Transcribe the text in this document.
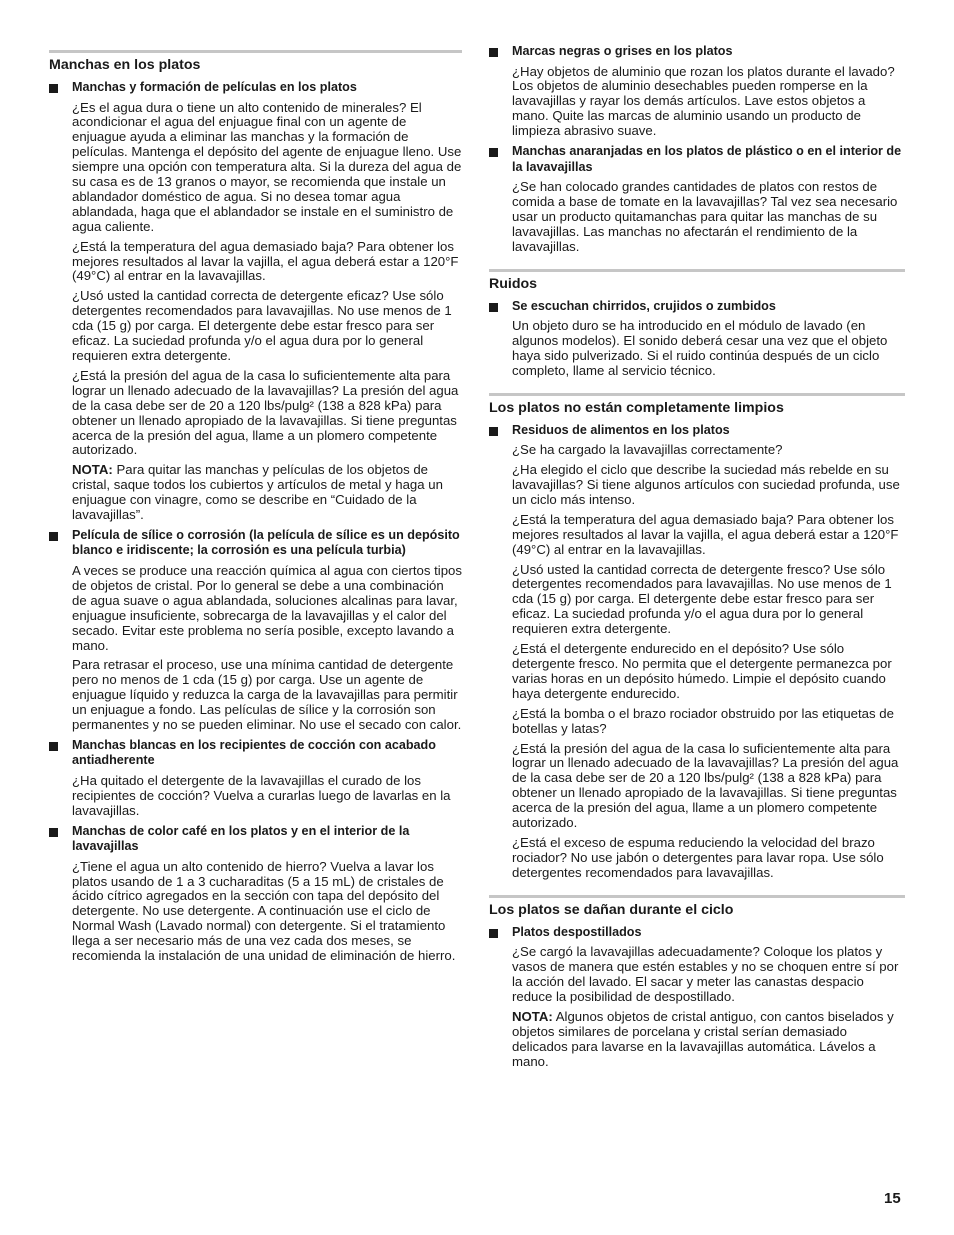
Manchas en los platos
Manchas y formación de películas en los platos
¿Es el agua dura o tiene un alto contenido de minerales? El acondicionar el agua del enjuague final con un agente de enjuague ayuda a eliminar las manchas y la formación de películas. Mantenga el depósito del agente de enjuague lleno. Use siempre una opción con temperatura alta. Si la dureza del agua de su casa es de 13 granos o mayor, se recomienda que instale un ablandador doméstico de agua. Si no desea tomar agua ablandada, haga que el ablandador se instale en el suministro de agua caliente.
¿Está la temperatura del agua demasiado baja? Para obtener los mejores resultados al lavar la vajilla, el agua deberá estar a 120°F (49°C) al entrar en la lavavajillas.
¿Usó usted la cantidad correcta de detergente eficaz? Use sólo detergentes recomendados para lavavajillas. No use menos de 1 cda (15 g) por carga. El detergente debe estar fresco para ser eficaz. La suciedad profunda y/o el agua dura por lo general requieren extra detergente.
¿Está la presión del agua de la casa lo suficientemente alta para lograr un llenado adecuado de la lavavajillas? La presión del agua de la casa debe ser de 20 a 120 lbs/pulg² (138 a 828 kPa) para obtener un llenado apropiado de la lavavajillas. Si tiene preguntas acerca de la presión del agua, llame a un plomero competente autorizado.
NOTA: Para quitar las manchas y películas de los objetos de cristal, saque todos los cubiertos y artículos de metal y haga un enjuague con vinagre, como se describe en “Cuidado de la lavavajillas”.
Película de sílice o corrosión (la película de sílice es un depósito blanco e iridiscente; la corrosión es una película turbia)
A veces se produce una reacción química al agua con ciertos tipos de objetos de cristal. Por lo general se debe a una combinación de agua suave o agua ablandada, soluciones alcalinas para lavar, enjuague insuficiente, sobrecarga de la lavavajillas y el calor del secado. Evitar este problema no sería posible, excepto lavando a mano.
Para retrasar el proceso, use una mínima cantidad de detergente pero no menos de 1 cda (15 g) por carga. Use un agente de enjuague líquido y reduzca la carga de la lavavajillas para permitir un enjuague a fondo. Las películas de sílice y la corrosión son permanentes y no se pueden eliminar. No use el secado con calor.
Manchas blancas en los recipientes de cocción con acabado antiadherente
¿Ha quitado el detergente de la lavavajillas el curado de los recipientes de cocción? Vuelva a curarlas luego de lavarlas en la lavavajillas.
Manchas de color café en los platos y en el interior de la lavavajillas
¿Tiene el agua un alto contenido de hierro? Vuelva a lavar los platos usando de 1 a 3 cucharaditas (5 a 15 mL) de cristales de ácido cítrico agregados en la sección con tapa del depósito del detergente. No use detergente. A continuación use el ciclo de Normal Wash (Lavado normal) con detergente. Si el tratamiento llega a ser necesario más de una vez cada dos meses, se recomienda la instalación de una unidad de eliminación de hierro.
Marcas negras o grises en los platos
¿Hay objetos de aluminio que rozan los platos durante el lavado? Los objetos de aluminio desechables pueden romperse en la lavavajillas y rayar los demás artículos. Lave estos objetos a mano. Quite las marcas de aluminio usando un producto de limpieza abrasivo suave.
Manchas anaranjadas en los platos de plástico o en el interior de la lavavajillas
¿Se han colocado grandes cantidades de platos con restos de comida a base de tomate en la lavavajillas? Tal vez sea necesario usar un producto quitamanchas para quitar las manchas de su lavavajillas. Las manchas no afectarán el rendimiento de la lavavajillas.
Ruidos
Se escuchan chirridos, crujidos o zumbidos
Un objeto duro se ha introducido en el módulo de lavado (en algunos modelos). El sonido deberá cesar una vez que el objeto haya sido pulverizado. Si el ruido continúa después de un ciclo completo, llame al servicio técnico.
Los platos no están completamente limpios
Residuos de alimentos en los platos
¿Se ha cargado la lavavajillas correctamente?
¿Ha elegido el ciclo que describe la suciedad más rebelde en su lavavajillas? Si tiene algunos artículos con suciedad profunda, use un ciclo más intenso.
¿Está la temperatura del agua demasiado baja? Para obtener los mejores resultados al lavar la vajilla, el agua deberá estar a 120°F (49°C) al entrar en la lavavajillas.
¿Usó usted la cantidad correcta de detergente fresco? Use sólo detergentes recomendados para lavavajillas. No use menos de 1 cda (15 g) por carga. El detergente debe estar fresco para ser eficaz. La suciedad profunda y/o el agua dura por lo general requieren extra detergente.
¿Está el detergente endurecido en el depósito? Use sólo detergente fresco. No permita que el detergente permanezca por varias horas en un depósito húmedo. Limpie el depósito cuando haya detergente endurecido.
¿Está la bomba o el brazo rociador obstruido por las etiquetas de botellas y latas?
¿Está la presión del agua de la casa lo suficientemente alta para lograr un llenado adecuado de la lavavajillas? La presión del agua de la casa debe ser de 20 a 120 lbs/pulg² (138 a 828 kPa) para obtener un llenado apropiado de la lavavajillas. Si tiene preguntas acerca de la presión del agua, llame a un plomero competente autorizado.
¿Está el exceso de espuma reduciendo la velocidad del brazo rociador? No use jabón o detergentes para lavar ropa. Use sólo detergentes recomendados para lavavajillas.
Los platos se dañan durante el ciclo
Platos despostillados
¿Se cargó la lavavajillas adecuadamente? Coloque los platos y vasos de manera que estén estables y no se choquen entre sí por la acción del lavado. El sacar y meter las canastas despacio reduce la posibilidad de despostillado.
NOTA: Algunos objetos de cristal antiguo, con cantos biselados y objetos similares de porcelana y cristal serían demasiado delicados para lavarse en la lavavajillas automática. Lávelos a mano.
15
